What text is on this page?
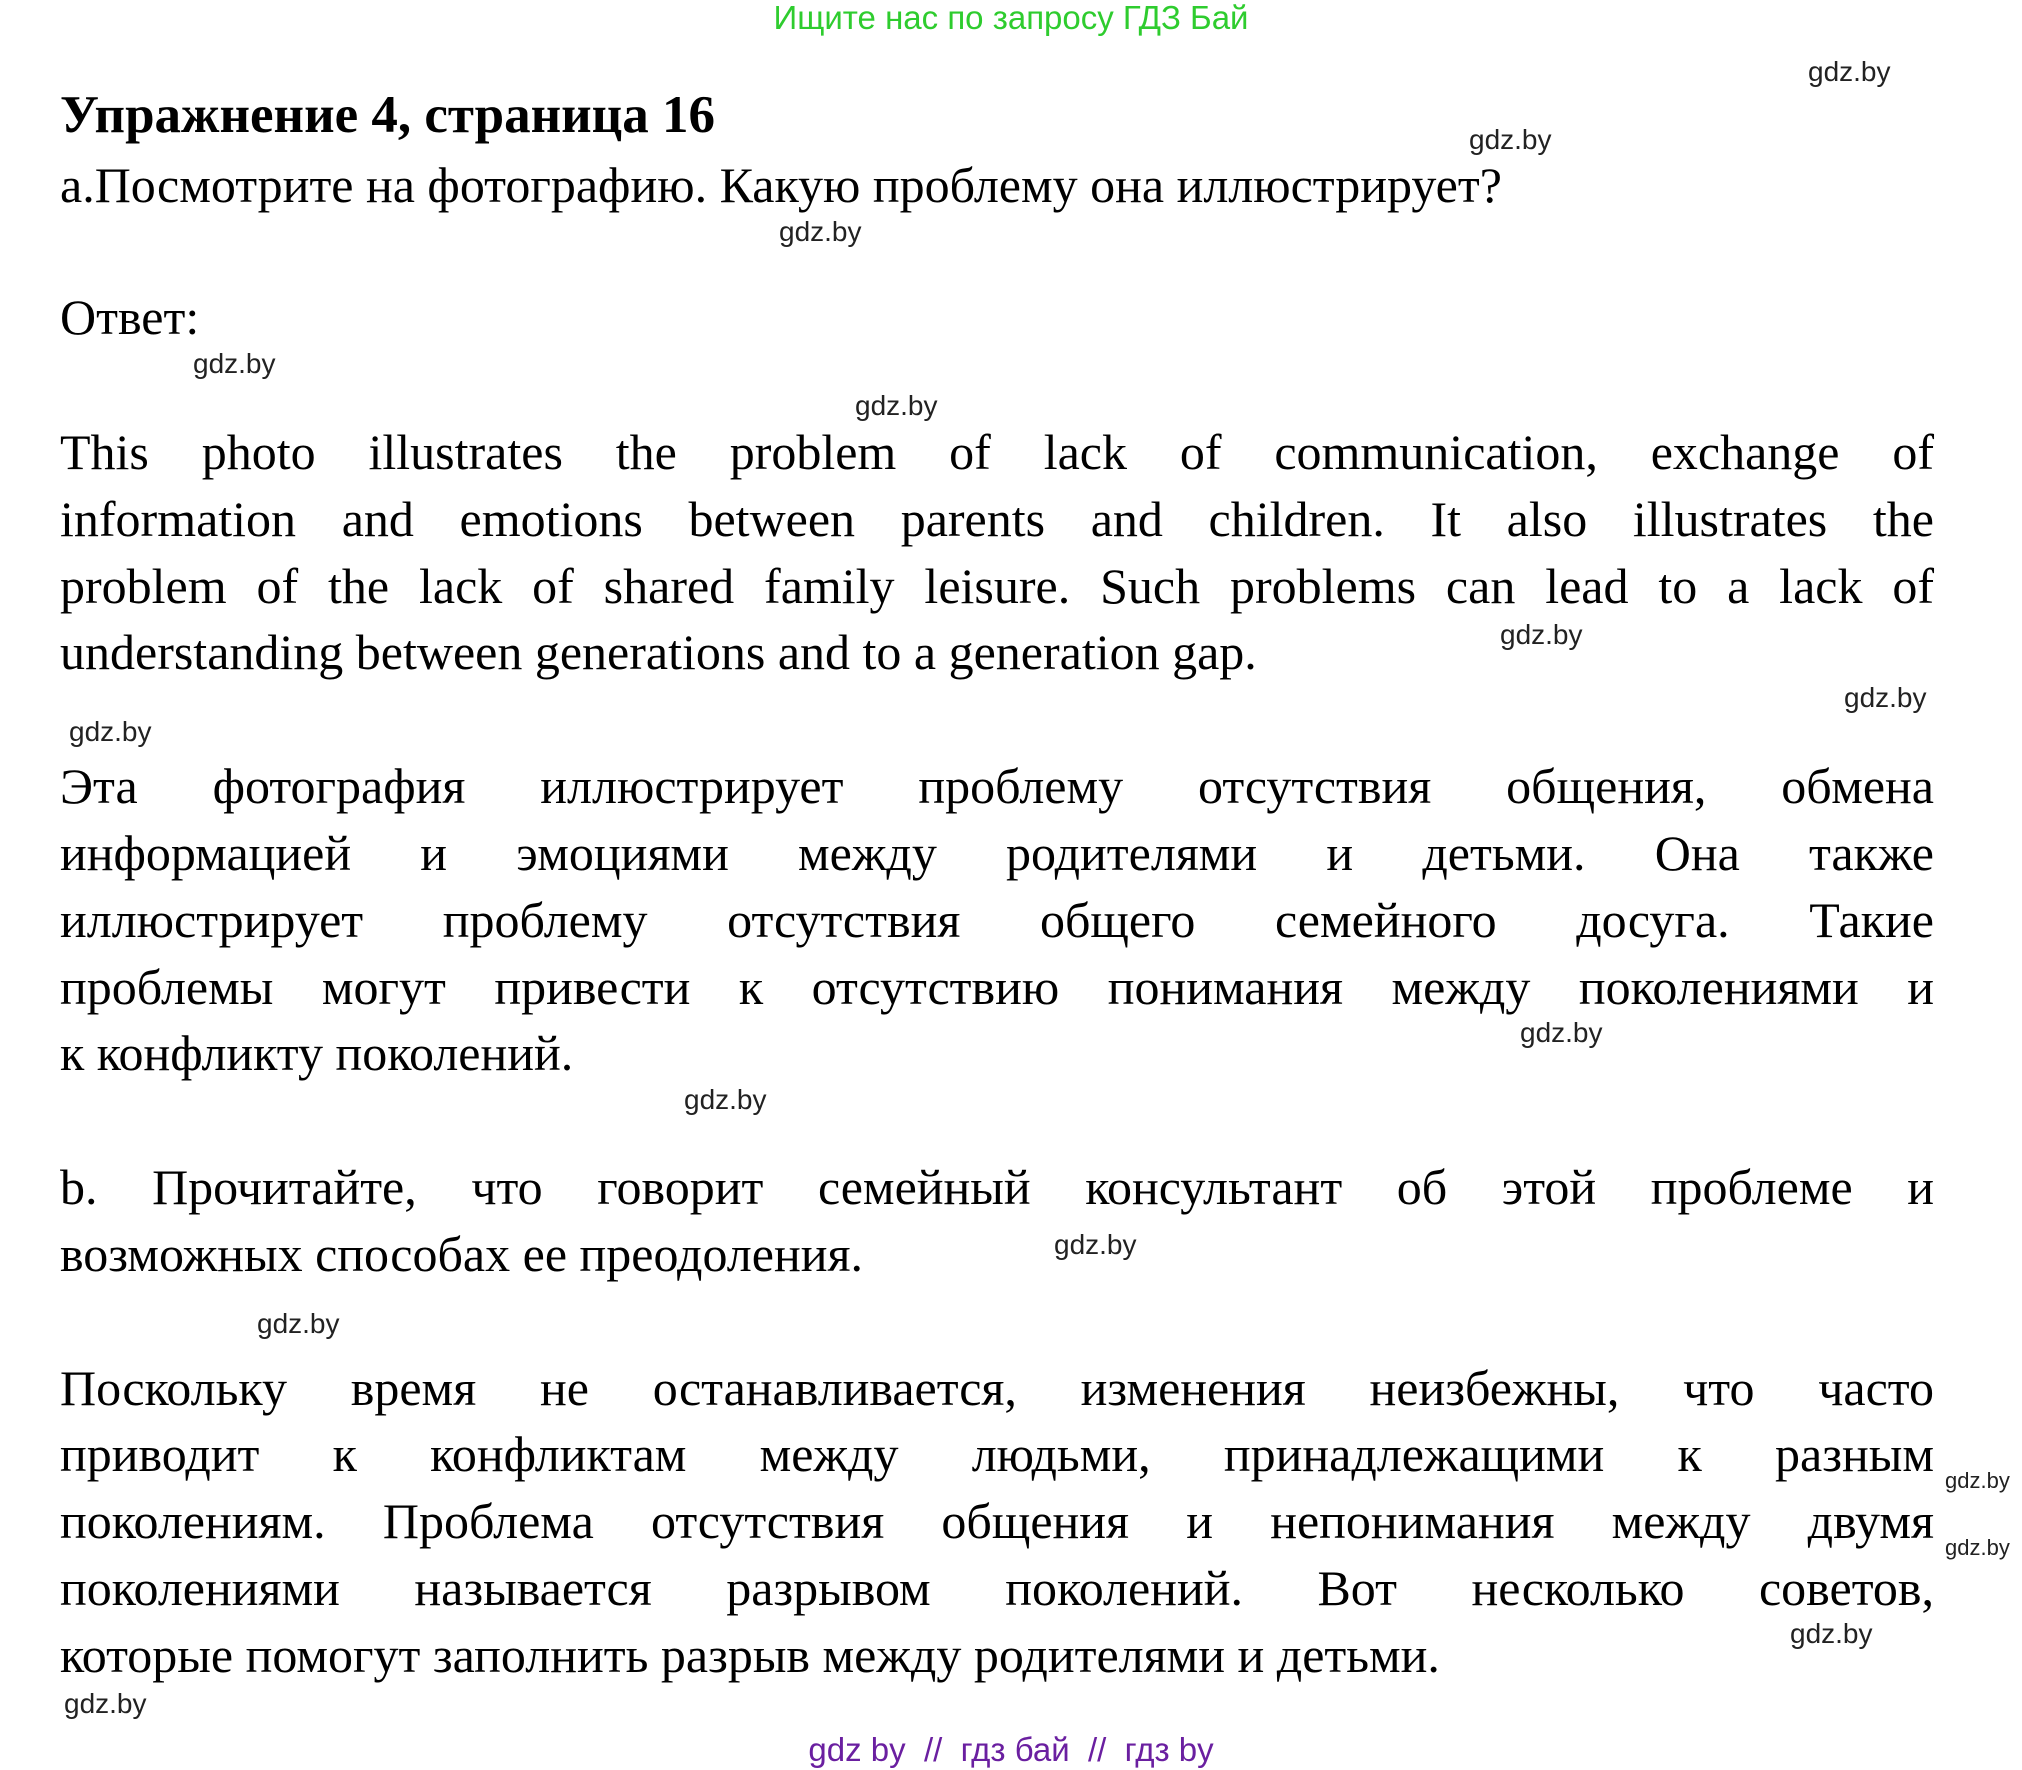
Ищите нас по запросу ГДЗ Бай
Упражнение 4, страница 16
а.Посмотрите на фотографию. Какую проблему она иллюстрирует?
Ответ:
This photo illustrates the problem of lack of communication, exchange of
information and emotions between parents and children. It also illustrates the
problem of the lack of shared family leisure. Such problems can lead to a lack of
understanding between generations and to a generation gap.
Эта фотография иллюстрирует проблему отсутствия общения, обмена
информацией и эмоциями между родителями и детьми. Она также
иллюстрирует проблему отсутствия общего семейного досуга. Такие
проблемы могут привести к отсутствию понимания между поколениями и
к конфликту поколений.
b. Прочитайте, что говорит семейный консультант об этой проблеме и
возможных способах ее преодоления.
Поскольку время не останавливается, изменения неизбежны, что часто
приводит к конфликтам между людьми, принадлежащими к разным
поколениям. Проблема отсутствия общения и непонимания между двумя
поколениями называется разрывом поколений. Вот несколько советов,
которые помогут заполнить разрыв между родителями и детьми.
gdz.by
gdz.by
gdz.by
gdz.by
gdz.by
gdz.by
gdz.by
gdz.by
gdz.by
gdz.by
gdz.by
gdz.by
gdz.by
gdz.by
gdz.by
gdz.by
gdz by  //  гдз бай  //  гдз by
